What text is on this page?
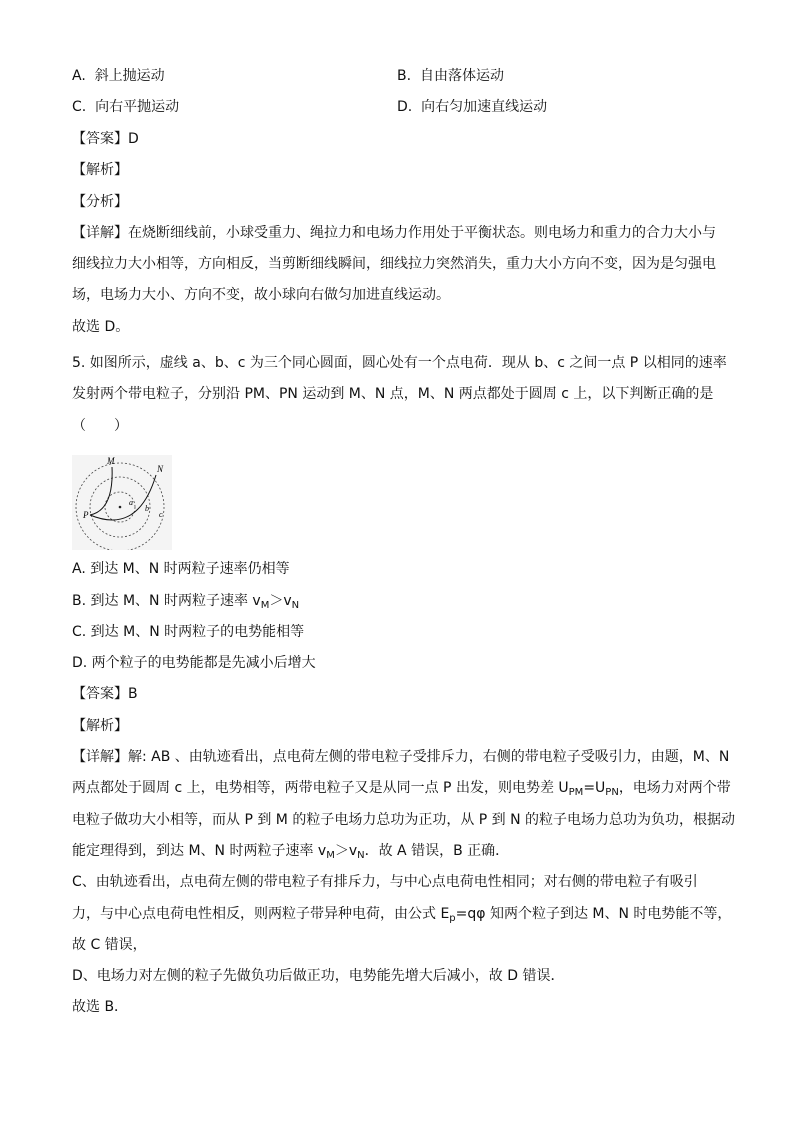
A. 斜上抛运动	B. 自由落体运动
C. 向右平抛运动	D. 向右匀加速直线运动
【答案】D
【解析】
【分析】
【详解】在烧断细线前，小球受重力、绳拉力和电场力作用处于平衡状态。则电场力和重力的合力大小与
细线拉力大小相等，方向相反，当剪断细线瞬间，细线拉力突然消失，重力大小方向不变，因为是匀强电
场，电场力大小、方向不变，故小球向右做匀加进直线运动。
故选 D。
5. 如图所示，虚线 a、b、c 为三个同心圆面，圆心处有一个点电荷．现从 b、c 之间一点 P 以相同的速率
发射两个带电粒子，分别沿 PM、PN 运动到 M、N 点，M、N 两点都处于圆周 c 上，以下判断正确的是
（　　）
M
N
P
a
b
c
A. 到达 M、N 时两粒子速率仍相等
B. 到达 M、N 时两粒子速率 $v_M>v_N$
C. 到达 M、N 时两粒子的电势能相等
D. 两个粒子的电势能都是先减小后增大
【答案】B
【解析】
【详解】解: AB 、由轨迹看出，点电荷左侧的带电粒子受排斥力，右侧的带电粒子受吸引力，由题，M、N
两点都处于圆周 c 上，电势相等，两带电粒子又是从同一点 P 出发，则电势差 $U_{PM}=U_{PN}$，电场力对两个带
电粒子做功大小相等，而从 P 到 M 的粒子电场力总功为正功，从 P 到 N 的粒子电场力总功为负功，根据动
能定理得到，到达 M、N 时两粒子速率 $v_M>v_N$．故 A 错误，B 正确．
C、由轨迹看出，点电荷左侧的带电粒子有排斥力，与中心点电荷电性相同；对右侧的带电粒子有吸引
力，与中心点电荷电性相反，则两粒子带异种电荷，由公式 $E_p=q\varphi$ 知两个粒子到达 M、N 时电势能不等，
故 C 错误，
D、电场力对左侧的粒子先做负功后做正功，电势能先增大后减小，故 D 错误．
故选 B．
